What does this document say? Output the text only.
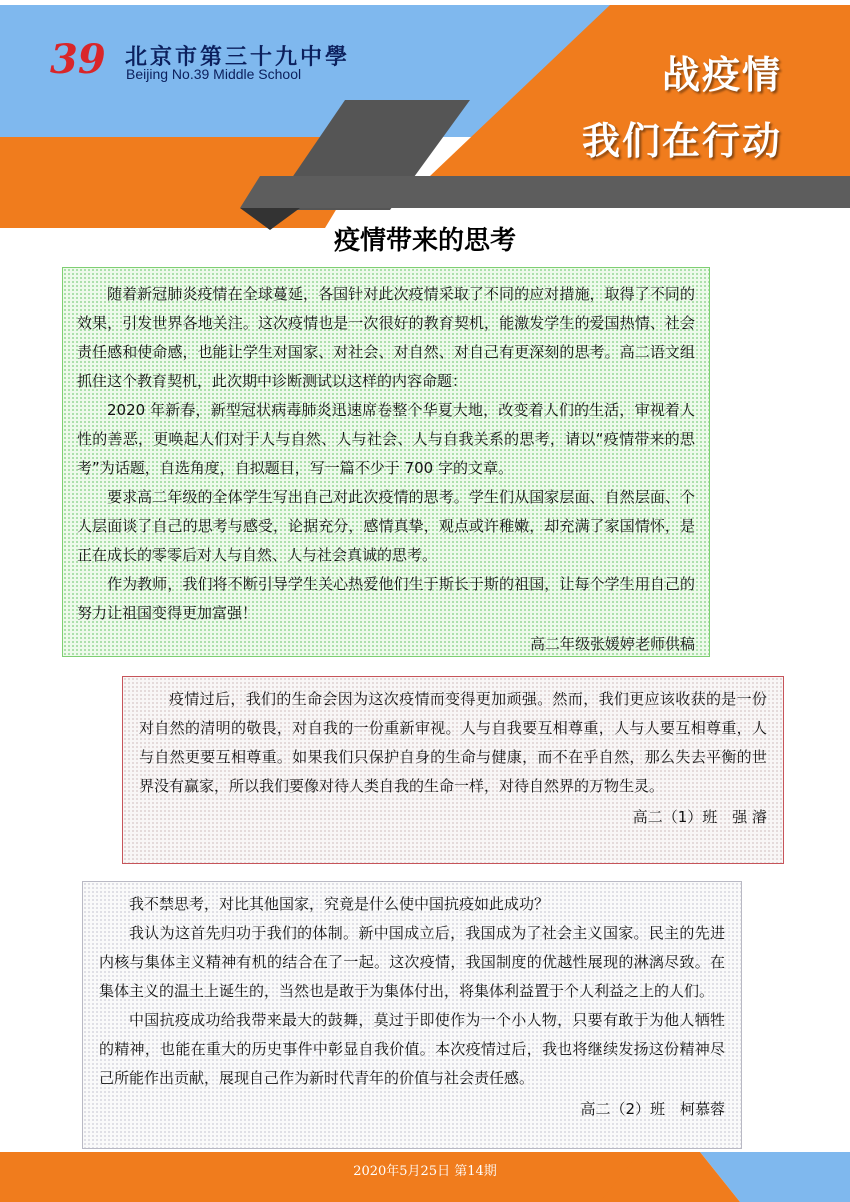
39 北京市第三十九中學
Beijing No.39 Middle School	战疫情
我们在行动
疫情带来的思考

随着新冠肺炎疫情在全球蔓延，各国针对此次疫情采取了不同的应对措施，取得了不同的效果，引发世界各地关注。这次疫情也是一次很好的教育契机，能激发学生的爱国热情、社会责任感和使命感，也能让学生对国家、对社会、对自然、对自己有更深刻的思考。高二语文组抓住这个教育契机，此次期中诊断测试以这样的内容命题：

2020 年新春，新型冠状病毒肺炎迅速席卷整个华夏大地，改变着人们的生活，审视着人性的善恶，更唤起人们对于人与自然、人与社会、人与自我关系的思考，请以“疫情带来的思考”为话题，自选角度，自拟题目，写一篇不少于 700 字的文章。

要求高二年级的全体学生写出自己对此次疫情的思考。学生们从国家层面、自然层面、个人层面谈了自己的思考与感受，论据充分，感情真挚，观点或许稚嫩，却充满了家国情怀，是正在成长的零零后对人与自然、人与社会真诚的思考。

作为教师，我们将不断引导学生关心热爱他们生于斯长于斯的祖国，让每个学生用自己的努力让祖国变得更加富强！

高二年级张媛婷老师供稿

疫情过后，我们的生命会因为这次疫情而变得更加顽强。然而，我们更应该收获的是一份对自然的清明的敬畏，对自我的一份重新审视。人与自我要互相尊重，人与人要互相尊重，人与自然更要互相尊重。如果我们只保护自身的生命与健康，而不在乎自然，那么失去平衡的世界没有赢家，所以我们要像对待人类自我的生命一样，对待自然界的万物生灵。

高二（1）班　强 濬

我不禁思考，对比其他国家，究竟是什么使中国抗疫如此成功？

我认为这首先归功于我们的体制。新中国成立后，我国成为了社会主义国家。民主的先进内核与集体主义精神有机的结合在了一起。这次疫情，我国制度的优越性展现的淋漓尽致。在集体主义的温土上诞生的，当然也是敢于为集体付出，将集体利益置于个人利益之上的人们。

中国抗疫成功给我带来最大的鼓舞，莫过于即使作为一个小人物，只要有敢于为他人牺牲的精神，也能在重大的历史事件中彰显自我价值。本次疫情过后，我也将继续发扬这份精神尽己所能作出贡献，展现自己作为新时代青年的价值与社会责任感。

高二（2）班　柯慕蓉
2020年5月25日 第14期
